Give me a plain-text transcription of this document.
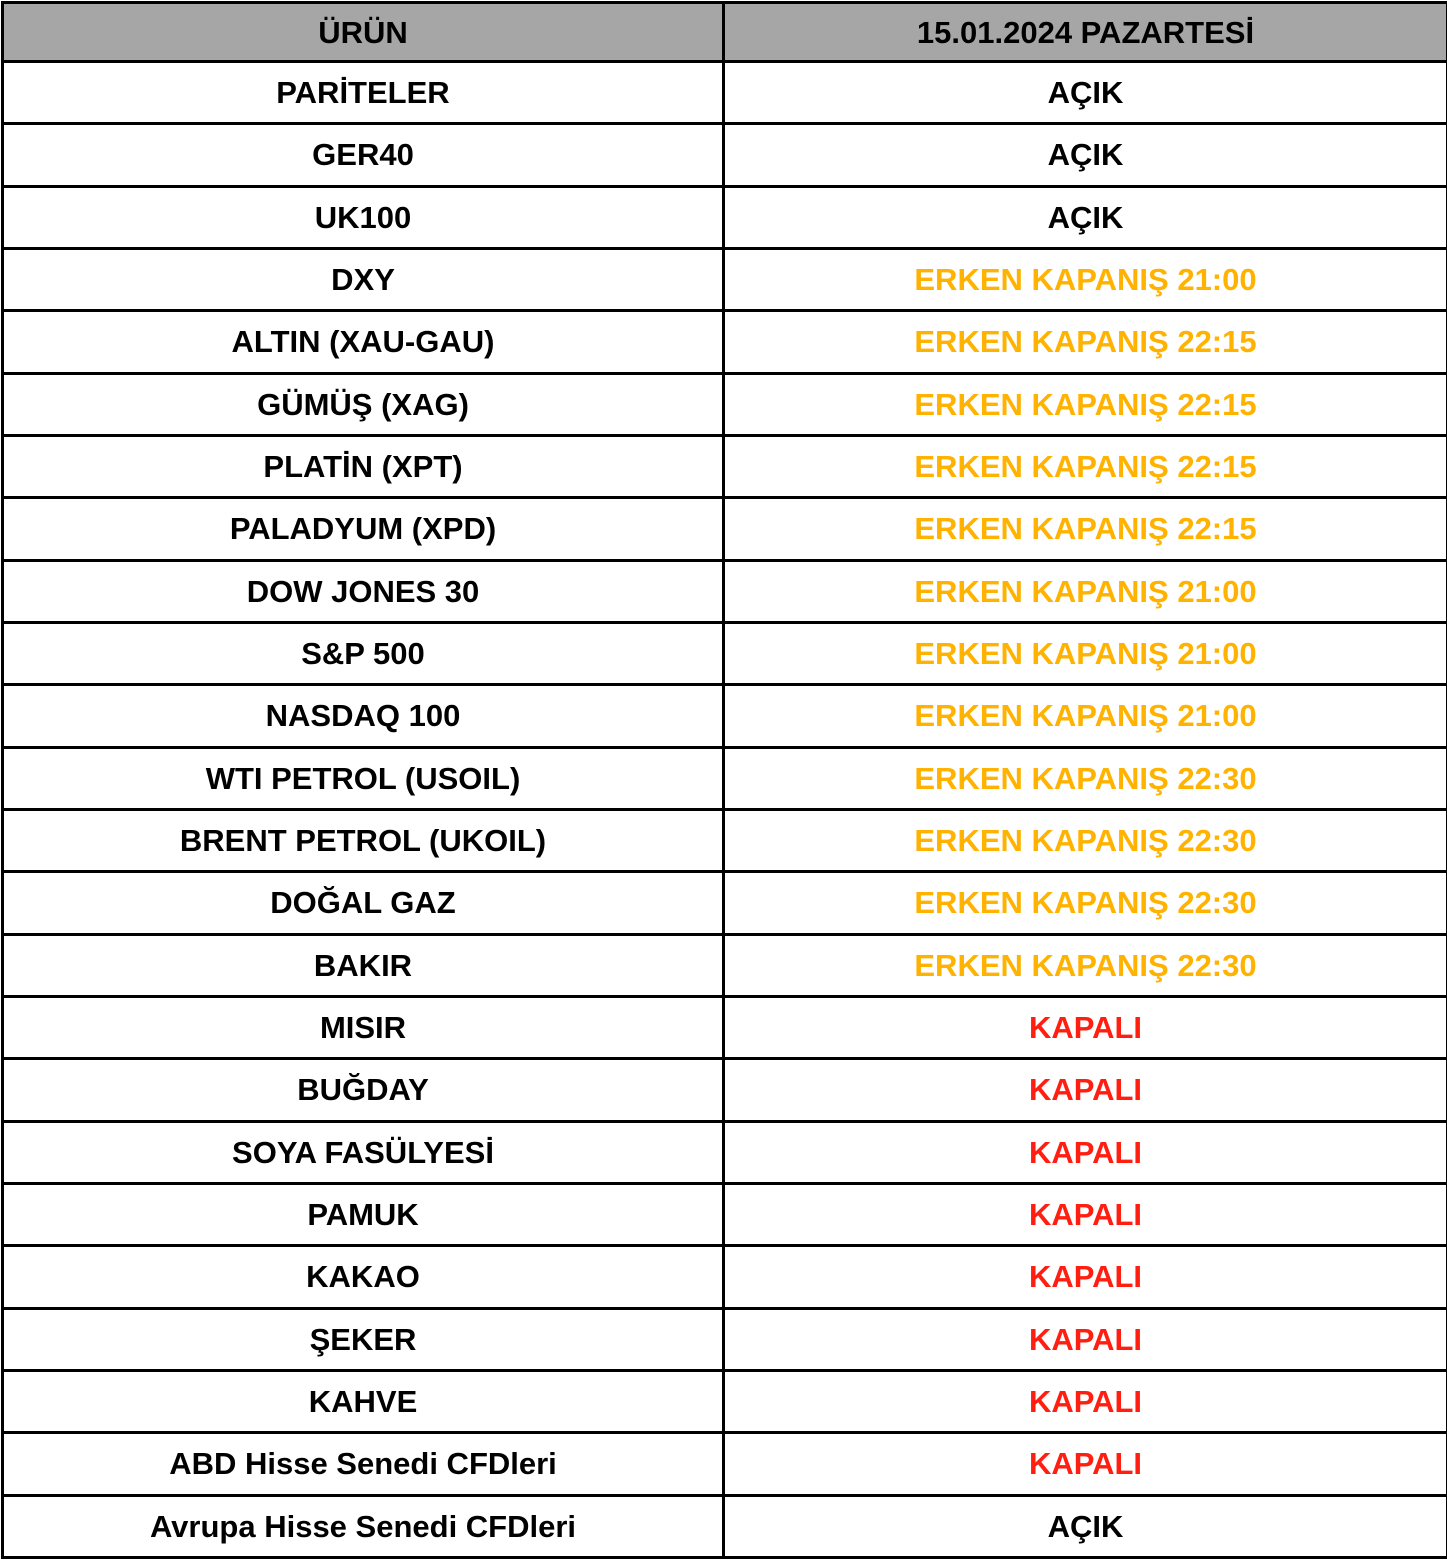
ÜRÜN	15.01.2024 PAZARTESİ
PARİTELER	AÇIK
GER40	AÇIK
UK100	AÇIK
DXY	ERKEN KAPANIŞ 21:00
ALTIN (XAU-GAU)	ERKEN KAPANIŞ 22:15
GÜMÜŞ (XAG)	ERKEN KAPANIŞ 22:15
PLATİN (XPT)	ERKEN KAPANIŞ 22:15
PALADYUM (XPD)	ERKEN KAPANIŞ 22:15
DOW JONES 30	ERKEN KAPANIŞ 21:00
S&P 500	ERKEN KAPANIŞ 21:00
NASDAQ 100	ERKEN KAPANIŞ 21:00
WTI PETROL (USOIL)	ERKEN KAPANIŞ 22:30
BRENT PETROL (UKOIL)	ERKEN KAPANIŞ 22:30
DOĞAL GAZ	ERKEN KAPANIŞ 22:30
BAKIR	ERKEN KAPANIŞ 22:30
MISIR	KAPALI
BUĞDAY	KAPALI
SOYA FASÜLYESİ	KAPALI
PAMUK	KAPALI
KAKAO	KAPALI
ŞEKER	KAPALI
KAHVE	KAPALI
ABD Hisse Senedi CFDleri	KAPALI
Avrupa Hisse Senedi CFDleri	AÇIK
